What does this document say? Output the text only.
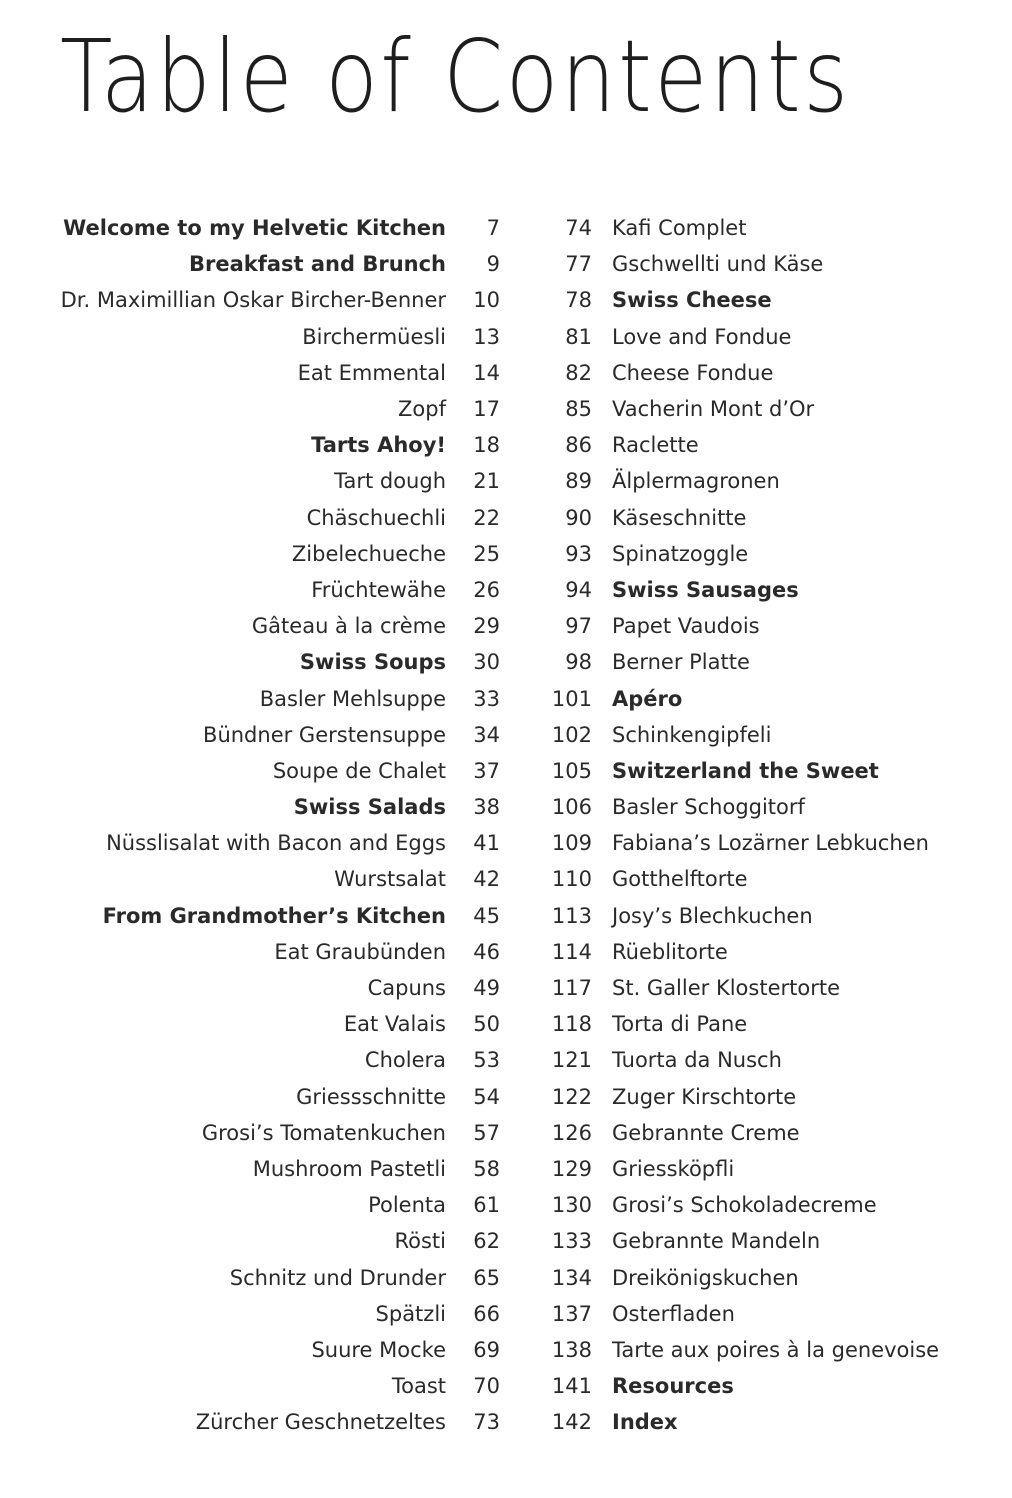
Table of Contents
Welcome to my Helvetic Kitchen	7
Breakfast and Brunch	9
Dr. Maximillian Oskar Bircher-Benner	10
Birchermüesli	13
Eat Emmental	14
Zopf	17
Tarts Ahoy!	18
Tart dough	21
Chäschuechli	22
Zibelechueche	25
Früchtewähe	26
Gâteau à la crème	29
Swiss Soups	30
Basler Mehlsuppe	33
Bündner Gerstensuppe	34
Soupe de Chalet	37
Swiss Salads	38
Nüsslisalat with Bacon and Eggs	41
Wurstsalat	42
From Grandmother’s Kitchen	45
Eat Graubünden	46
Capuns	49
Eat Valais	50
Cholera	53
Griessschnitte	54
Grosi’s Tomatenkuchen	57
Mushroom Pastetli	58
Polenta	61
Rösti	62
Schnitz und Drunder	65
Spätzli	66
Suure Mocke	69
Toast	70
Zürcher Geschnetzeltes	73
74 Kafi Complet
77 Gschwellti und Käse
78 Swiss Cheese
81 Love and Fondue
82 Cheese Fondue
85 Vacherin Mont d’Or
86 Raclette
89 Älplermagronen
90 Käseschnitte
93 Spinatzoggle
94 Swiss Sausages
97 Papet Vaudois
98 Berner Platte
101 Apéro
102 Schinkengipfeli
105 Switzerland the Sweet
106 Basler Schoggitorf
109 Fabiana’s Lozärner Lebkuchen
110 Gotthelftorte
113 Josy’s Blechkuchen
114 Rüeblitorte
117 St. Galler Klostertorte
118 Torta di Pane
121 Tuorta da Nusch
122 Zuger Kirschtorte
126 Gebrannte Creme
129 Griessköpfli
130 Grosi’s Schokoladecreme
133 Gebrannte Mandeln
134 Dreikönigskuchen
137 Osterfladen
138 Tarte aux poires à la genevoise
141 Resources
142 Index
